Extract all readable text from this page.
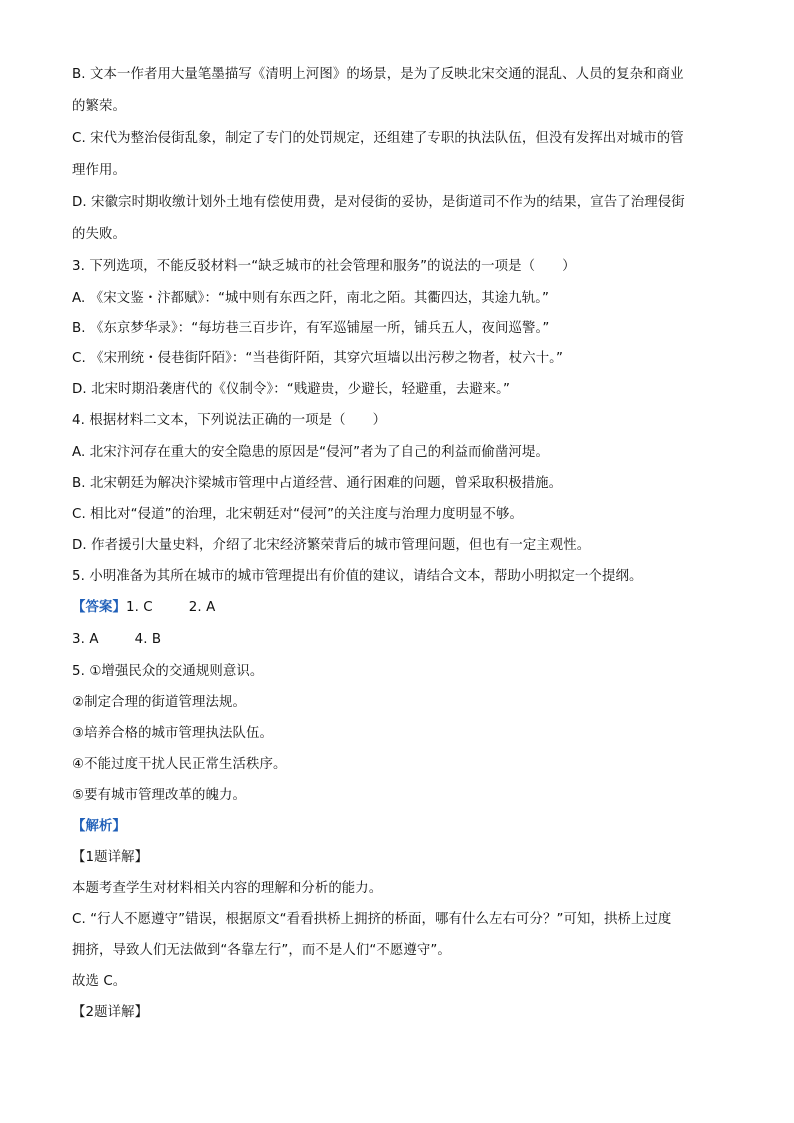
B. 文本一作者用大量笔墨描写《清明上河图》的场景，是为了反映北宋交通的混乱、人员的复杂和商业
的繁荣。
C. 宋代为整治侵街乱象，制定了专门的处罚规定，还组建了专职的执法队伍，但没有发挥出对城市的管
理作用。
D. 宋徽宗时期收缴计划外土地有偿使用费，是对侵街的妥协，是街道司不作为的结果，宣告了治理侵街
的失败。
3. 下列选项，不能反驳材料一“缺乏城市的社会管理和服务”的说法的一项是（　　）
A. 《宋文鉴・汴都赋》：“城中则有东西之阡，南北之陌。其衢四达，其途九轨。”
B. 《东京梦华录》：“每坊巷三百步许，有军巡铺屋一所，铺兵五人，夜间巡警。”
C. 《宋刑统・侵巷街阡陌》：“当巷街阡陌，其穿穴垣墙以出污秽之物者，杖六十。”
D. 北宋时期沿袭唐代的《仪制令》：“贱避贵，少避长，轻避重，去避来。”
4. 根据材料二文本，下列说法正确的一项是（　　）
A. 北宋汴河存在重大的安全隐患的原因是“侵河”者为了自己的利益而偷凿河堤。
B. 北宋朝廷为解决汴梁城市管理中占道经营、通行困难的问题，曾采取积极措施。
C. 相比对“侵道”的治理，北宋朝廷对“侵河”的关注度与治理力度明显不够。
D. 作者援引大量史料，介绍了北宋经济繁荣背后的城市管理问题，但也有一定主观性。
5. 小明准备为其所在城市的城市管理提出有价值的建议，请结合文本，帮助小明拟定一个提纲。
【答案】1. C	2. A
3. A	4. B
5. ①增强民众的交通规则意识。
②制定合理的街道管理法规。
③培养合格的城市管理执法队伍。
④不能过度干扰人民正常生活秩序。
⑤要有城市管理改革的魄力。
【解析】
【1题详解】
本题考查学生对材料相关内容的理解和分析的能力。
C. “行人不愿遵守”错误，根据原文“看看拱桥上拥挤的桥面，哪有什么左右可分？”可知，拱桥上过度
拥挤，导致人们无法做到“各靠左行”，而不是人们“不愿遵守”。
故选 C。
【2题详解】
